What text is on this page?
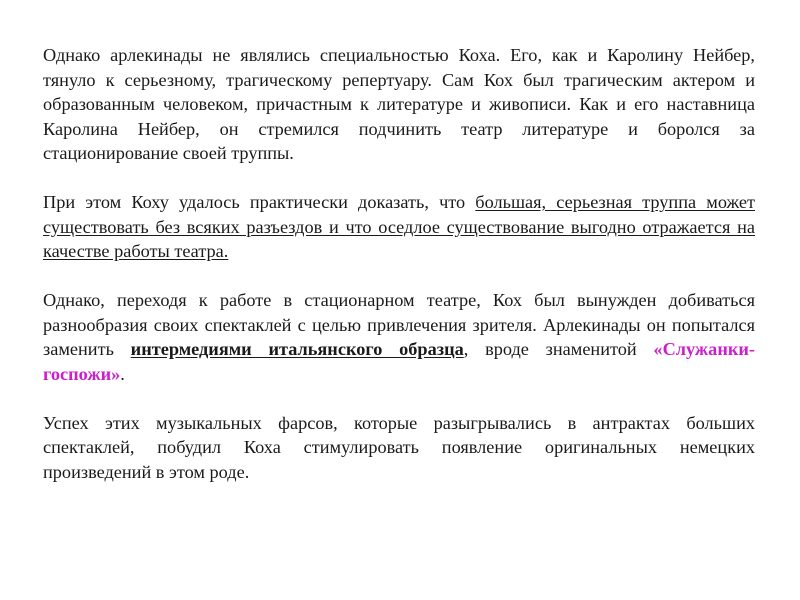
Однако арлекинады не являлись специальностью Коха. Его, как и Каролину Нейбер, тянуло к серьезному, трагическому репертуару. Сам Кох был трагическим актером и образованным человеком, причастным к литературе и живописи. Как и его наставница Каролина Нейбер, он стремился подчинить театр литературе и боролся за стационирование своей труппы.

При этом Коху удалось практически доказать, что большая, серьезная труппа может существовать без всяких разъездов и что оседлое существование выгодно отражается на качестве работы театра.

Однако, переходя к работе в стационарном театре, Кох был вынужден добиваться разнообразия своих спектаклей с целью привлечения зрителя. Арлекинады он попытался заменить интермедиями итальянского образца, вроде знаменитой «Служанки-госпожи».

Успех этих музыкальных фарсов, которые разыгрывались в антрактах больших спектаклей, побудил Коха стимулировать появление оригинальных немецких произведений в этом роде.
